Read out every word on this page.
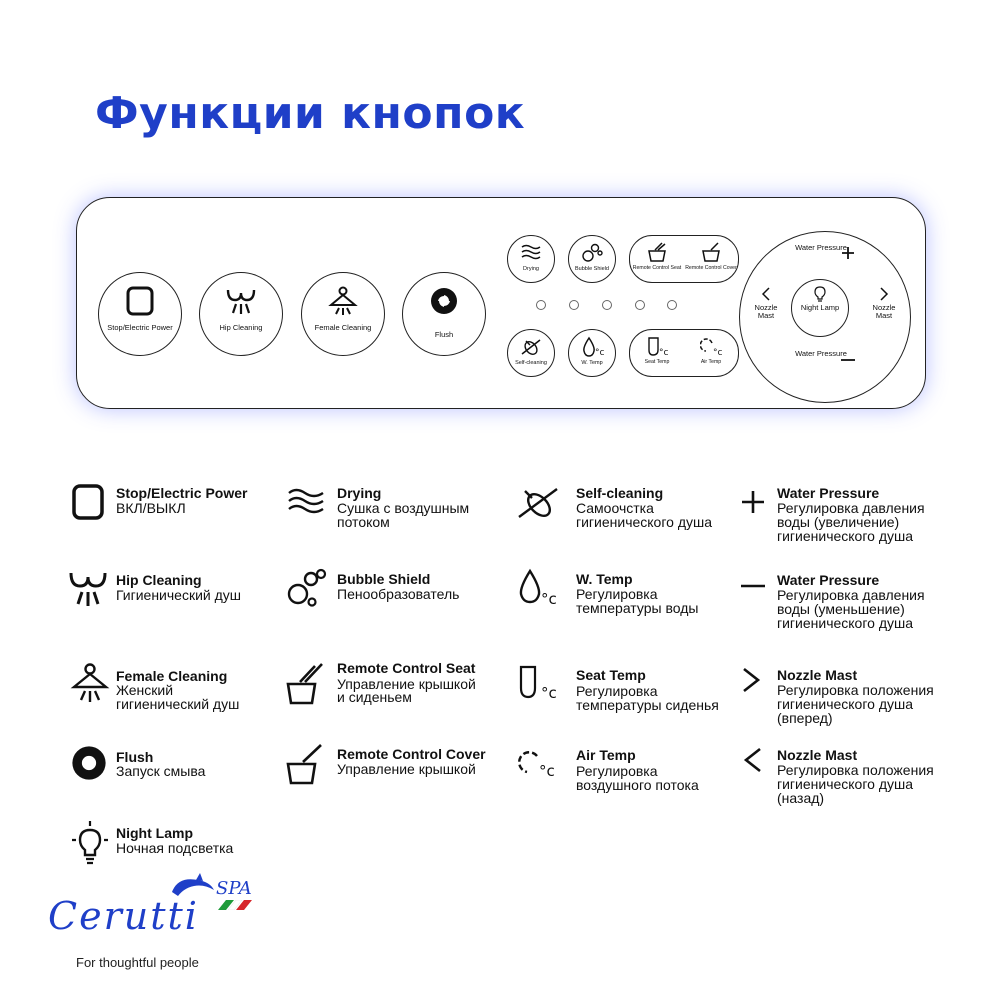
Функции кнопок
Stop/Electric Power	Hip Cleaning	Female Cleaning
Flush
Drying	Bubble Shield
Self-cleaning
°c
W. Temp
Remote Control Seat Remote Control Cover
°c
Seat Temp
°c
Air Temp
Water Pressure
Water Pressure
Nozzle Mast
Nozzle Mast
Night Lamp
Stop/Electric Power
ВКЛ/ВЫКЛ
Hip Cleaning
Гигиенический душ
Female Cleaning
Женский
гигиенический душ
Flush
Запуск смыва
Night Lamp
Ночная подсветка
Drying
Сушка с воздушным
потоком
Bubble Shield
Пенообразователь
Remote Control Seat
Управление крышкой
и сиденьем
Remote Control Cover
Управление крышкой
Self-cleaning
Самоочстка
гигиенического душа
°c
W. Temp
Регулировка
температуры воды
°c
Seat Temp
Регулировка
температуры сиденья
°c
Air Temp
Регулировка
воздушного потока
Water Pressure
Регулировка давления
воды (увеличение)
гигиенического душа
Water Pressure
Регулировка давления
воды (уменьшение)
гигиенического душа
Nozzle Mast
Регулировка положения
гигиенического душа
(вперед)
Nozzle Mast
Регулировка положения
гигиенического душа
(назад)
SPA
Cerutti
For thoughtful people
